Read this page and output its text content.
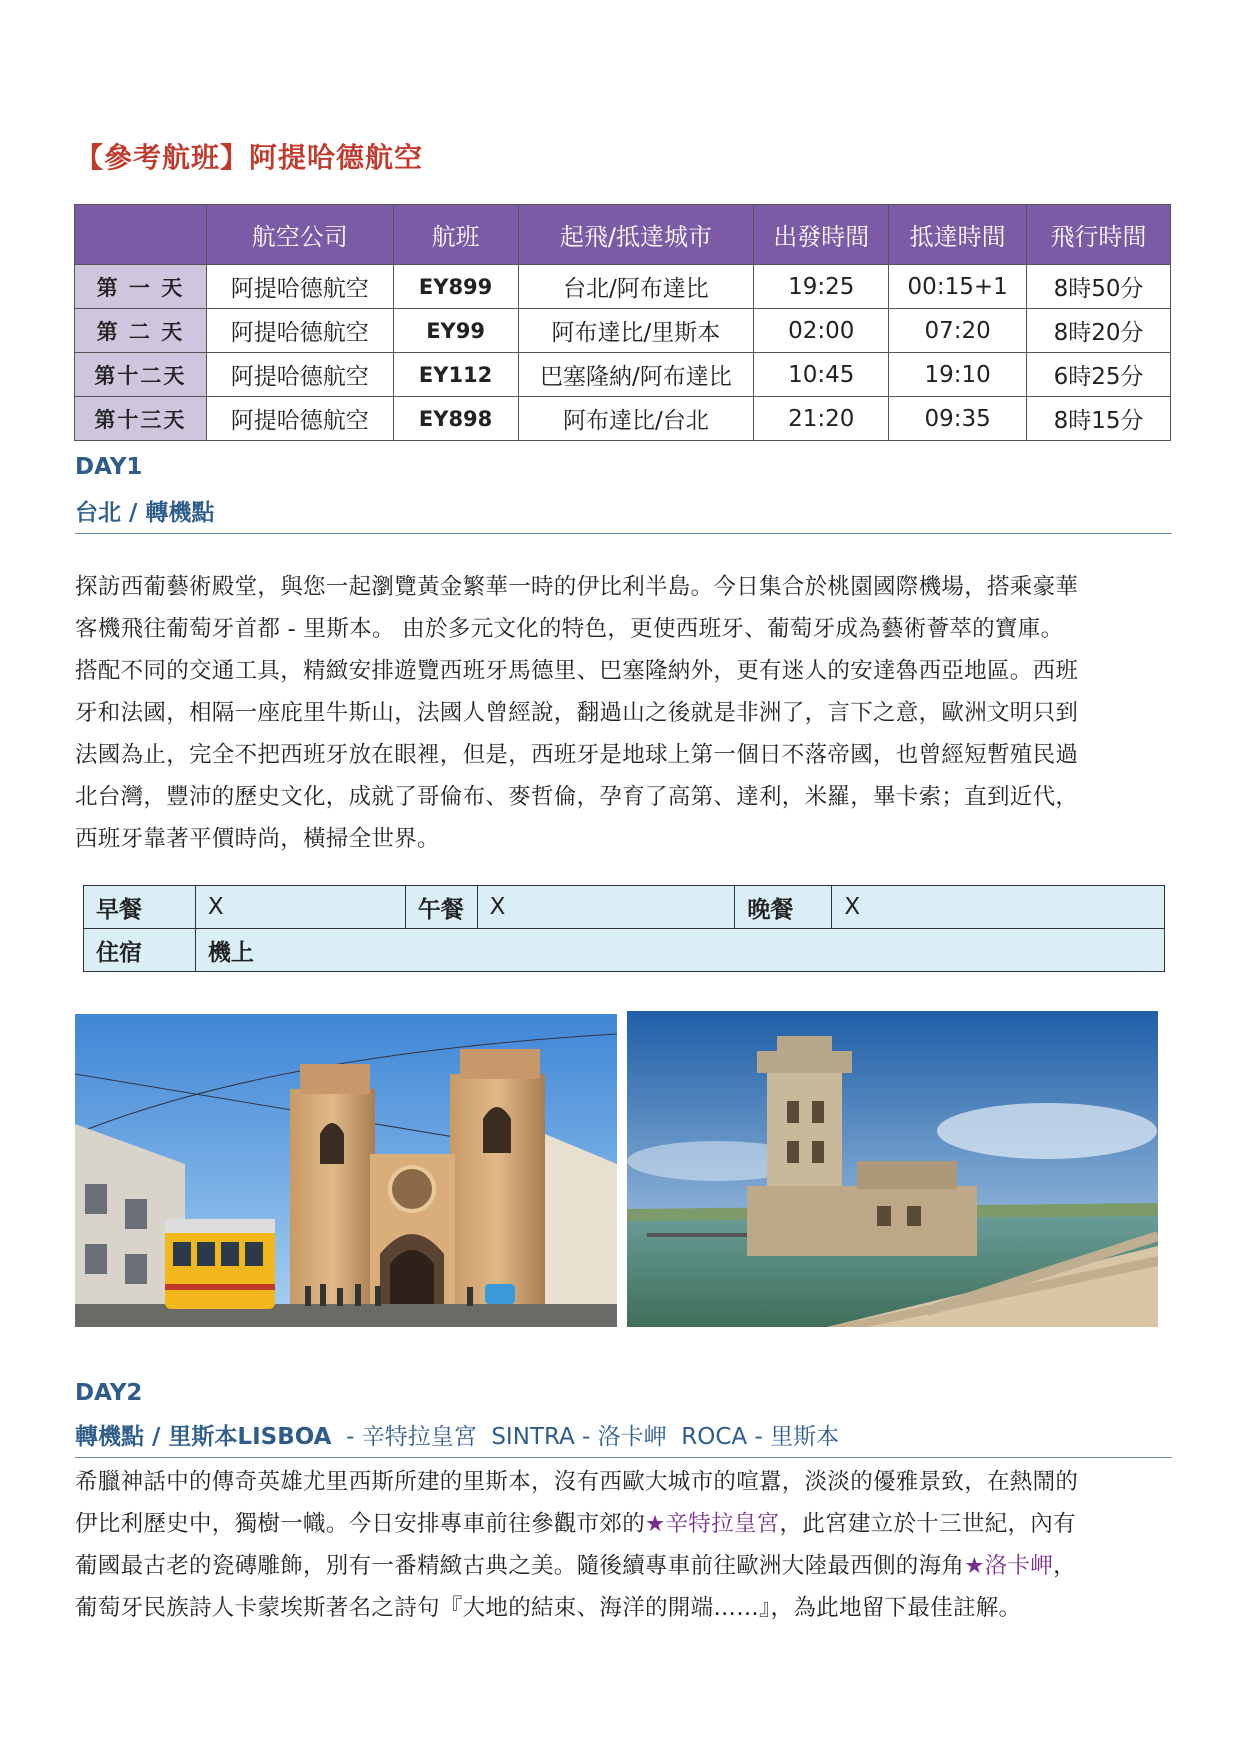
【參考航班】阿提哈德航空
	航空公司	航班	起飛/抵達城市	出發時間	抵達時間	飛行時間
第 一 天	阿提哈德航空	EY899	台北/阿布達比	19:25	00:15+1	8時50分
第 二 天	阿提哈德航空	EY99	阿布達比/里斯本	02:00	07:20	8時20分
第十二天	阿提哈德航空	EY112	巴塞隆納/阿布達比	10:45	19:10	6時25分
第十三天	阿提哈德航空	EY898	阿布達比/台北	21:20	09:35	8時15分
DAY1
台北 / 轉機點
探訪西葡藝術殿堂，與您一起瀏覽黃金繁華一時的伊比利半島。今日集合於桃園國際機場，搭乘豪華
客機飛往葡萄牙首都 - 里斯本。 由於多元文化的特色，更使西班牙、葡萄牙成為藝術薈萃的寶庫。
搭配不同的交通工具，精緻安排遊覽西班牙馬德里、巴塞隆納外，更有迷人的安達魯西亞地區。西班
牙和法國，相隔一座庇里牛斯山，法國人曾經說，翻過山之後就是非洲了，言下之意，歐洲文明只到
法國為止，完全不把西班牙放在眼裡，但是，西班牙是地球上第一個日不落帝國，也曾經短暫殖民過
北台灣，豐沛的歷史文化，成就了哥倫布、麥哲倫，孕育了高第、達利，米羅，畢卡索；直到近代，
西班牙靠著平價時尚，橫掃全世界。
早餐	X	午餐	X	晚餐	X
住宿	機上				
DAY2
轉機點 / 里斯本LISBOA  - 辛特拉皇宮  SINTRA - 洛卡岬  ROCA - 里斯本
希臘神話中的傳奇英雄尤里西斯所建的里斯本，沒有西歐大城市的喧囂，淡淡的優雅景致，在熱鬧的
伊比利歷史中，獨樹一幟。今日安排專車前往參觀市郊的★辛特拉皇宮，此宮建立於十三世紀，內有
葡國最古老的瓷磚雕飾，別有一番精緻古典之美。隨後續專車前往歐洲大陸最西側的海角★洛卡岬，
葡萄牙民族詩人卡蒙埃斯著名之詩句『大地的結束、海洋的開端……』，為此地留下最佳註解。
